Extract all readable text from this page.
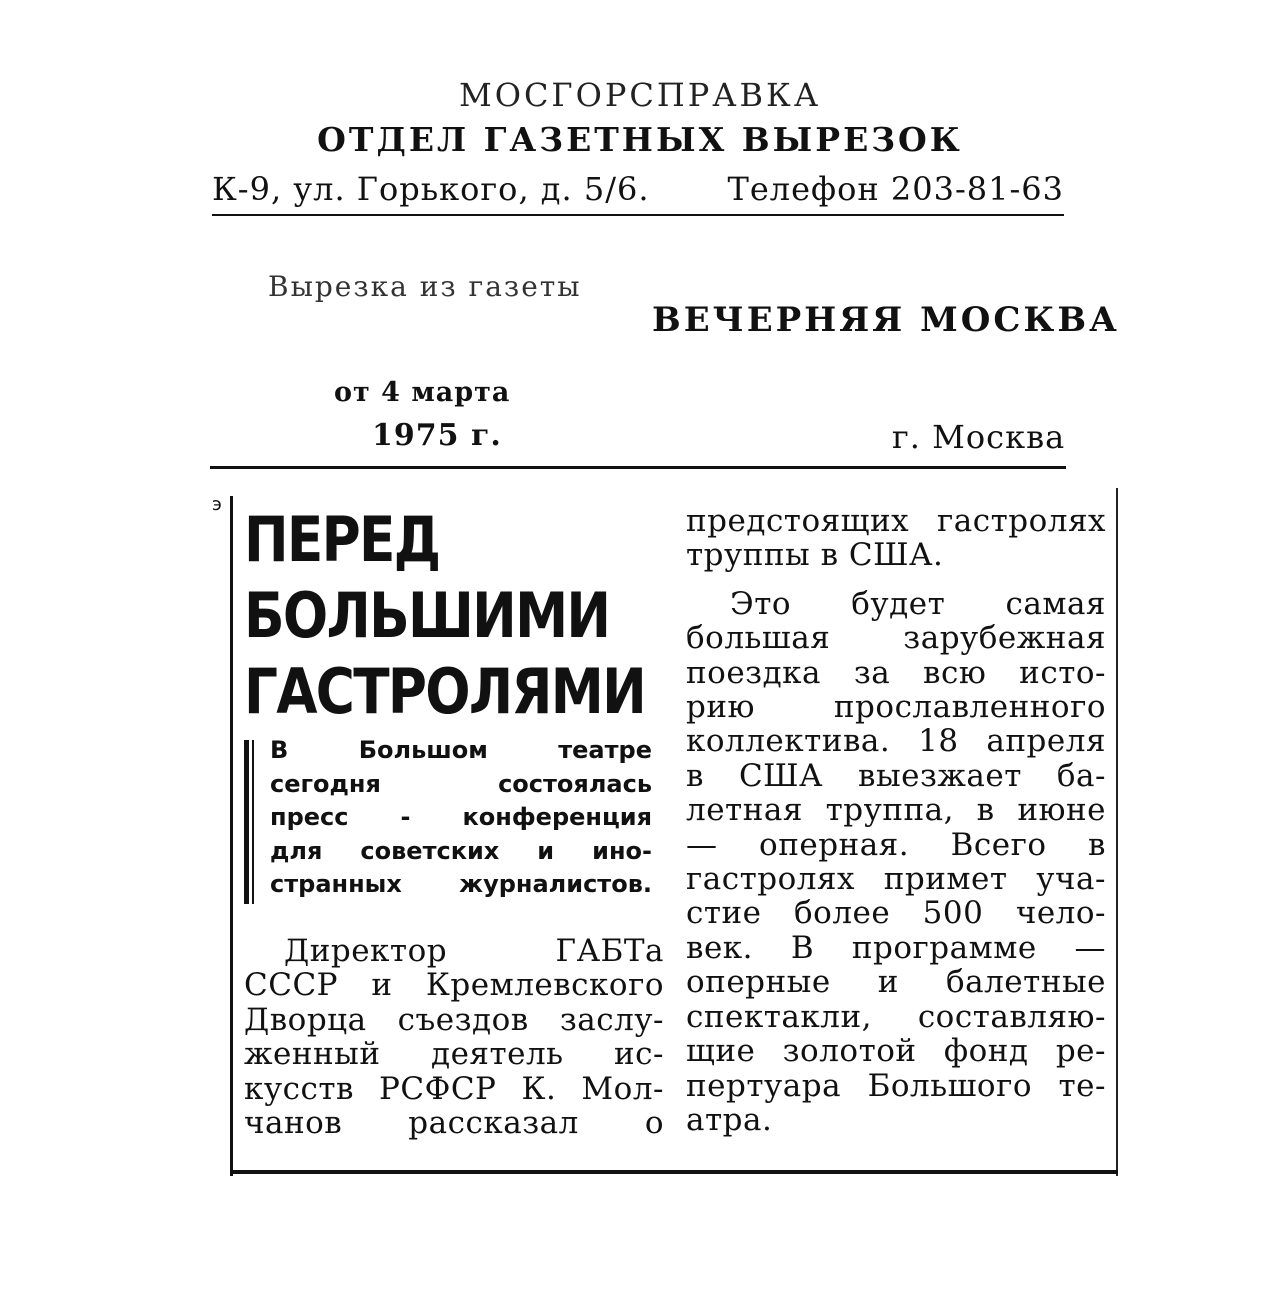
МОСГОРСПРАВКА
ОТДЕЛ ГАЗЕТНЫХ ВЫРЕЗОК
К-9, ул. Горького, д. 5/6. Телефон 203-81-63
Вырезка из газеты
ВЕЧЕРНЯЯ МОСКВА
от 4 марта
1975 г.	г. Москва
э ПЕРЕД
БОЛЬШИМИ
ГАСТРОЛЯМИ
В Большом театре
сегодня состоялась
пресс - конференция
для советских и ино-
странных журналистов.
Директор ГАБТа
СССР и Кремлевского
Дворца съездов заслу-
женный деятель ис-
кусств РСФСР К. Мол-
чанов рассказал о
предстоящих гастролях
труппы в США.
Это будет самая
большая зарубежная
поездка за всю исто-
рию прославленного
коллектива. 18 апреля
в США выезжает ба-
летная труппа, в июне
— оперная. Всего в
гастролях примет уча-
стие более 500 чело-
век. В программе —
оперные и балетные
спектакли, составляю-
щие золотой фонд ре-
пертуара Большого те-
атра.
